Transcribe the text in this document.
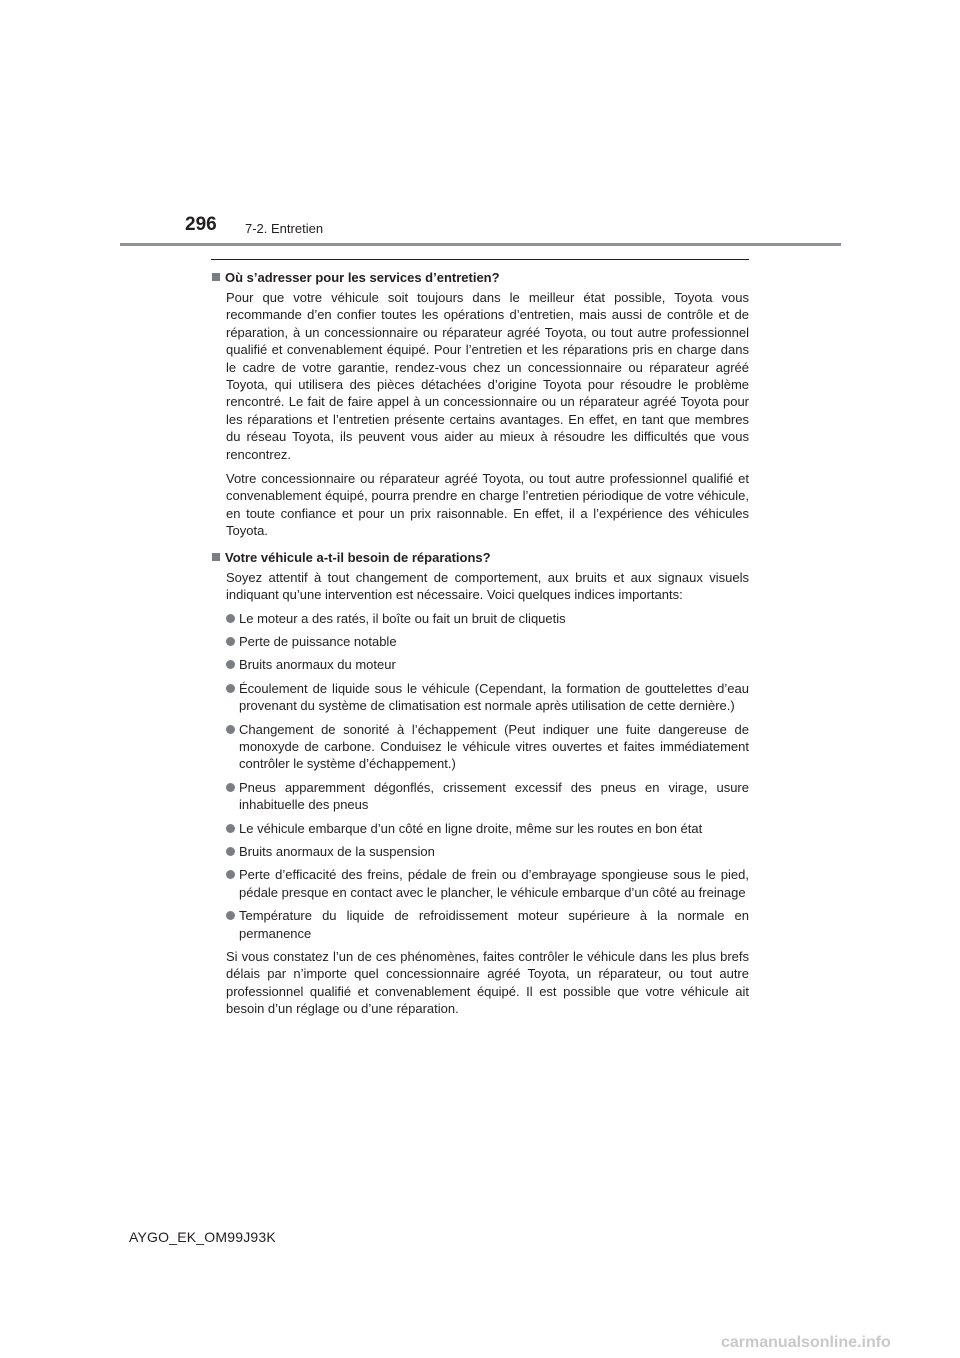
296 7-2. Entretien
Où s’adresser pour les services d’entretien?

Pour que votre véhicule soit toujours dans le meilleur état possible, Toyota vous recommande d’en confier toutes les opérations d’entretien, mais aussi de contrôle et de réparation, à un concessionnaire ou réparateur agréé Toyota, ou tout autre professionnel qualifié et convenablement équipé. Pour l’entretien et les réparations pris en charge dans le cadre de votre garantie, rendez-vous chez un concessionnaire ou réparateur agréé Toyota, qui utilisera des pièces détachées d’origine Toyota pour résoudre le problème rencontré. Le fait de faire appel à un concessionnaire ou un réparateur agréé Toyota pour les réparations et l’entretien présente certains avantages. En effet, en tant que membres du réseau Toyota, ils peuvent vous aider au mieux à résoudre les difficultés que vous rencontrez.

Votre concessionnaire ou réparateur agréé Toyota, ou tout autre professionnel qualifié et convenablement équipé, pourra prendre en charge l’entretien périodique de votre véhicule, en toute confiance et pour un prix raisonnable. En effet, il a l’expérience des véhicules Toyota.

Votre véhicule a-t-il besoin de réparations?

Soyez attentif à tout changement de comportement, aux bruits et aux signaux visuels indiquant qu’une intervention est nécessaire. Voici quelques indices importants:

Le moteur a des ratés, il boîte ou fait un bruit de cliquetis
Perte de puissance notable
Bruits anormaux du moteur
Écoulement de liquide sous le véhicule (Cependant, la formation de gouttelettes d’eau provenant du système de climatisation est normale après utilisation de cette dernière.)
Changement de sonorité à l’échappement (Peut indiquer une fuite dangereuse de monoxyde de carbone. Conduisez le véhicule vitres ouvertes et faites immédiatement contrôler le système d’échappement.)
Pneus apparemment dégonflés, crissement excessif des pneus en virage, usure inhabituelle des pneus
Le véhicule embarque d’un côté en ligne droite, même sur les routes en bon état
Bruits anormaux de la suspension
Perte d’efficacité des freins, pédale de frein ou d’embrayage spongieuse sous le pied, pédale presque en contact avec le plancher, le véhicule embarque d’un côté au freinage
Température du liquide de refroidissement moteur supérieure à la normale en permanence

Si vous constatez l’un de ces phénomènes, faites contrôler le véhicule dans les plus brefs délais par n’importe quel concessionnaire agréé Toyota, un réparateur, ou tout autre professionnel qualifié et convenablement équipé. Il est possible que votre véhicule ait besoin d’un réglage ou d’une réparation.

AYGO_EK_OM99J93K
carmanualsonline.info
